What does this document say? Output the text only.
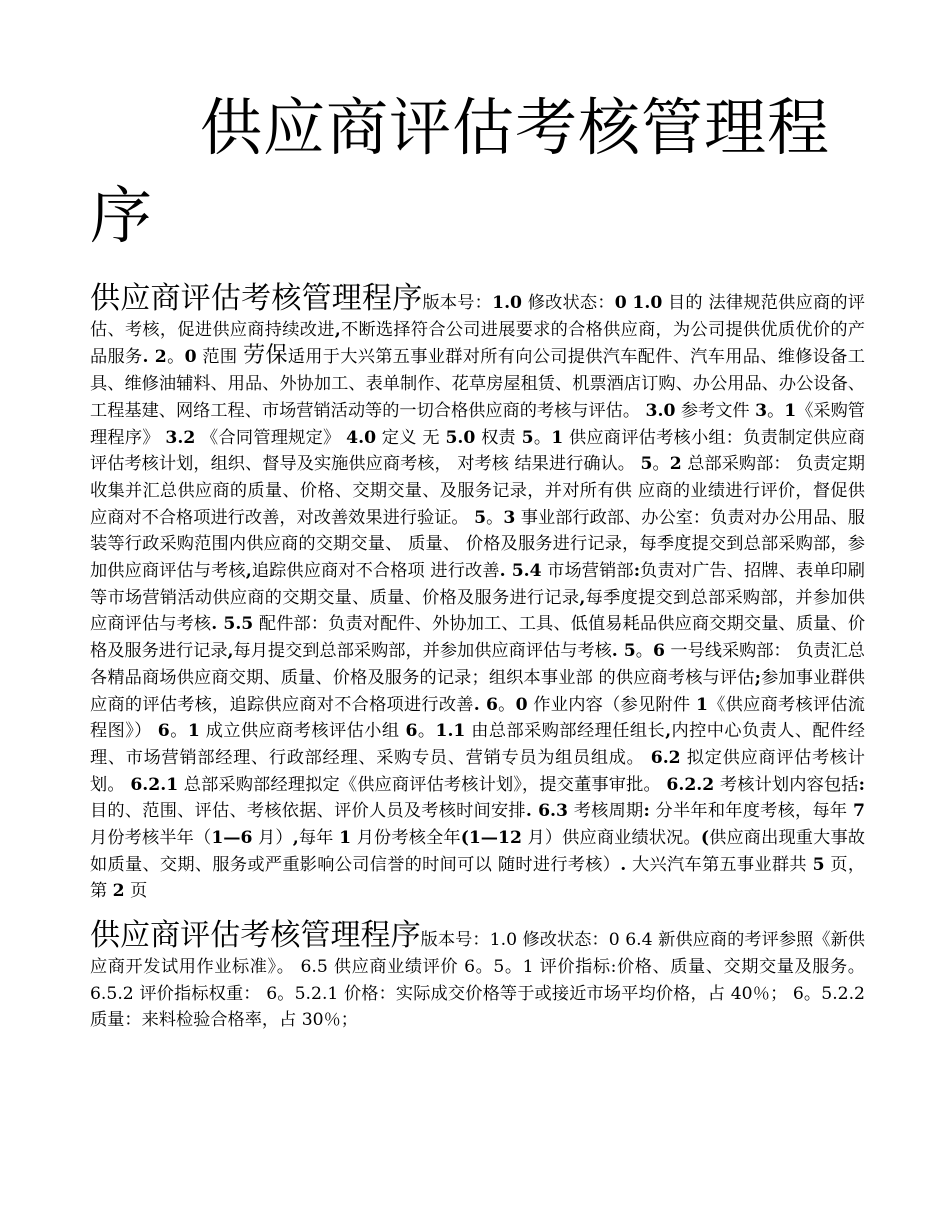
供应商评估考核管理程序

供应商评估考核管理程序版本号：1.0 修改状态：0 1.0 目的 法律规范供应商的评估、考核，促进供应商持续改进,不断选择符合公司进展要求的合格供应商，为公司提供优质优价的产品服务. 2。0 范围 劳保适用于大兴第五事业群对所有向公司提供汽车配件、汽车用品、维修设备工具、维修油辅料、用品、外协加工、表单制作、花草房屋租赁、机票酒店订购、办公用品、办公设备、工程基建、网络工程、市场营销活动等的一切合格供应商的考核与评估。 3.0 参考文件 3。1《采购管理程序》 3.2 《合同管理规定》 4.0 定义 无 5.0 权责 5。1 供应商评估考核小组：负责制定供应商评估考核计划，组织、督导及实施供应商考核， 对考核 结果进行确认。 5。2 总部采购部： 负责定期收集并汇总供应商的质量、价格、交期交量、及服务记录，并对所有供 应商的业绩进行评价，督促供应商对不合格项进行改善，对改善效果进行验证。 5。3 事业部行政部、办公室：负责对办公用品、服装等行政采购范围内供应商的交期交量、 质量、 价格及服务进行记录，每季度提交到总部采购部，参加供应商评估与考核,追踪供应商对不合格项 进行改善. 5.4 市场营销部:负责对广告、招牌、表单印刷等市场营销活动供应商的交期交量、质量、价格及服务进行记录,每季度提交到总部采购部，并参加供应商评估与考核. 5.5 配件部：负责对配件、外协加工、工具、低值易耗品供应商交期交量、质量、价格及服务进行记录,每月提交到总部采购部，并参加供应商评估与考核. 5。6 一号线采购部： 负责汇总各精品商场供应商交期、质量、价格及服务的记录；组织本事业部 的供应商考核与评估;参加事业群供应商的评估考核，追踪供应商对不合格项进行改善. 6。0 作业内容（参见附件 1《供应商考核评估流程图》） 6。1 成立供应商考核评估小组 6。1.1 由总部采购部经理任组长,内控中心负责人、配件经理、市场营销部经理、行政部经理、采购专员、营销专员为组员组成。 6.2 拟定供应商评估考核计划。 6.2.1 总部采购部经理拟定《供应商评估考核计划》，提交董事审批。 6.2.2 考核计划内容包括:目的、范围、评估、考核依据、评价人员及考核时间安排. 6.3 考核周期: 分半年和年度考核，每年 7 月份考核半年（1—6 月）,每年 1 月份考核全年(1—12 月）供应商业绩状况。(供应商出现重大事故如质量、交期、服务或严重影响公司信誉的时间可以 随时进行考核）. 大兴汽车第五事业群共 5 页，第 2 页

供应商评估考核管理程序版本号：1.0 修改状态：0 6.4 新供应商的考评参照《新供应商开发试用作业标准》。 6.5 供应商业绩评价 6。5。1 评价指标:价格、质量、交期交量及服务。 6.5.2 评价指标权重： 6。5.2.1 价格：实际成交价格等于或接近市场平均价格，占 40％； 6。5.2.2 质量：来料检验合格率，占 30％；
